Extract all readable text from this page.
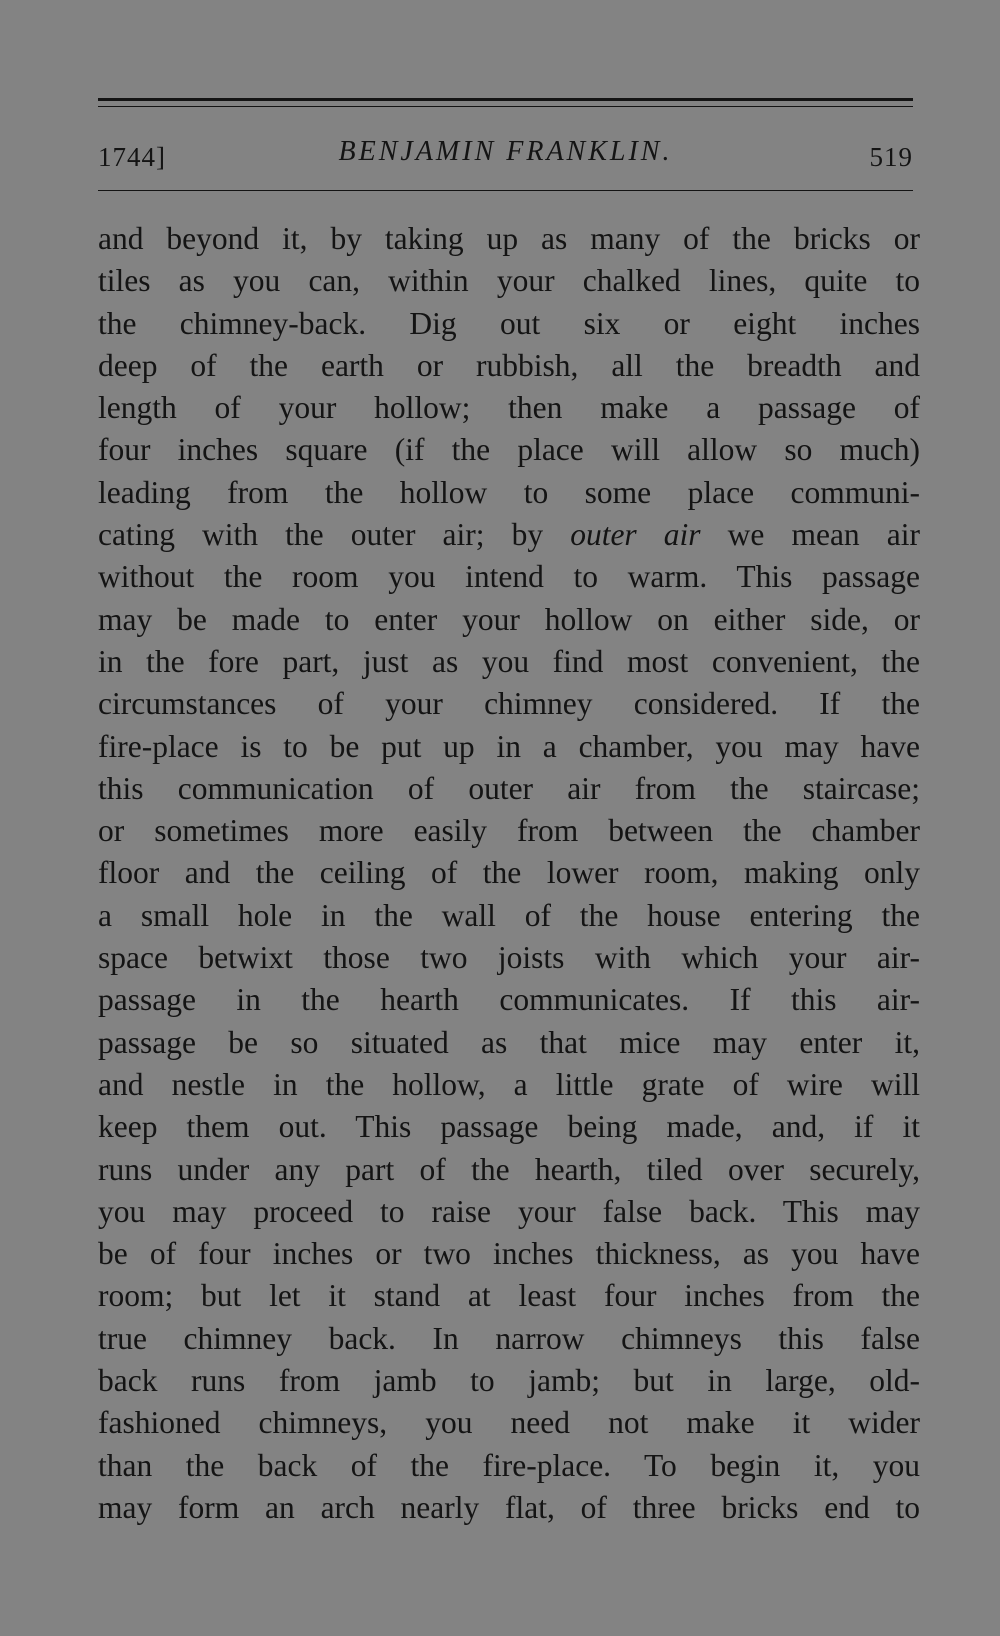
1744]	BENJAMIN FRANKLIN.	519
and beyond it, by taking up as many of the bricks or
tiles as you can, within your chalked lines, quite to
the chimney-back. Dig out six or eight inches
deep of the earth or rubbish, all the breadth and
length of your hollow; then make a passage of
four inches square (if the place will allow so much)
leading from the hollow to some place communi-
cating with the outer air; by outer air we mean air
without the room you intend to warm. This passage
may be made to enter your hollow on either side, or
in the fore part, just as you find most convenient, the
circumstances of your chimney considered. If the
fire-place is to be put up in a chamber, you may have
this communication of outer air from the staircase;
or sometimes more easily from between the chamber
floor and the ceiling of the lower room, making only
a small hole in the wall of the house entering the
space betwixt those two joists with which your air-
passage in the hearth communicates. If this air-
passage be so situated as that mice may enter it,
and nestle in the hollow, a little grate of wire will
keep them out. This passage being made, and, if it
runs under any part of the hearth, tiled over securely,
you may proceed to raise your false back. This may
be of four inches or two inches thickness, as you have
room; but let it stand at least four inches from the
true chimney back. In narrow chimneys this false
back runs from jamb to jamb; but in large, old-
fashioned chimneys, you need not make it wider
than the back of the fire-place. To begin it, you
may form an arch nearly flat, of three bricks end to
